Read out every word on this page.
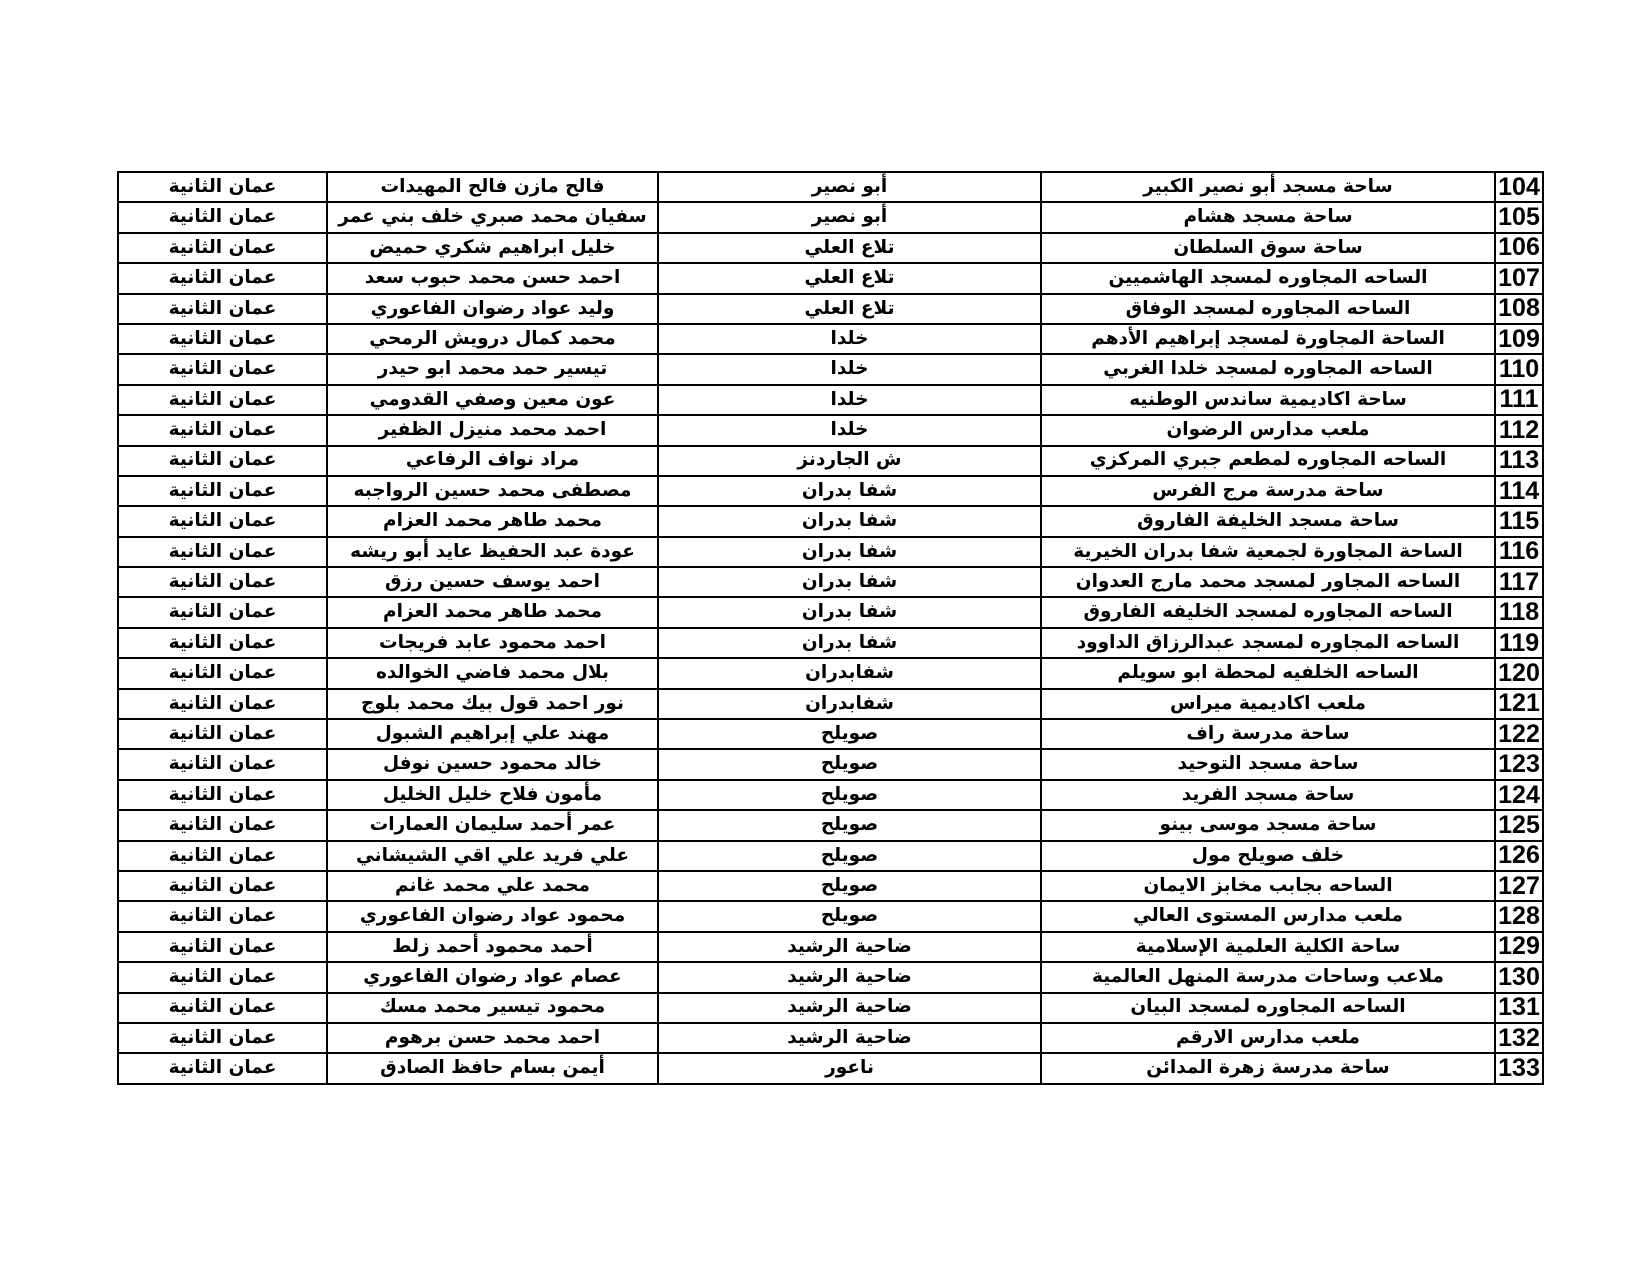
104	ساحة مسجد أبو نصير الكبير	أبو نصير	فالح مازن فالح المهيدات	عمان الثانية
105	ساحة مسجد هشام	أبو نصير	سفيان محمد صبري خلف بني عمر	عمان الثانية
106	ساحة سوق السلطان	تلاع العلي	خليل ابراهيم شكري حميض	عمان الثانية
107	الساحه المجاوره لمسجد الهاشميين	تلاع العلي	احمد حسن محمد حبوب سعد	عمان الثانية
108	الساحه المجاوره لمسجد الوفاق	تلاع العلي	وليد عواد رضوان الفاعوري	عمان الثانية
109	الساحة المجاورة لمسجد إبراهيم الأدهم	خلدا	محمد كمال درويش الرمحي	عمان الثانية
110	الساحه المجاوره لمسجد خلدا الغربي	خلدا	تيسير حمد محمد ابو حيدر	عمان الثانية
111	ساحة اكاديمية ساندس الوطنيه	خلدا	عون معين وصفي القدومي	عمان الثانية
112	ملعب مدارس الرضوان	خلدا	احمد محمد منيزل الظفير	عمان الثانية
113	الساحه المجاوره لمطعم جبري المركزي	ش الجاردنز	مراد نواف الرفاعي	عمان الثانية
114	ساحة مدرسة مرج الفرس	شفا بدران	مصطفى محمد حسين الرواجبه	عمان الثانية
115	ساحة مسجد الخليفة الفاروق	شفا بدران	محمد طاهر محمد العزام	عمان الثانية
116	الساحة المجاورة لجمعية شفا بدران الخيرية	شفا بدران	عودة عبد الحفيظ عايد أبو ريشه	عمان الثانية
117	الساحه المجاور لمسجد محمد مارج العدوان	شفا بدران	احمد يوسف حسين رزق	عمان الثانية
118	الساحه المجاوره لمسجد الخليفه الفاروق	شفا بدران	محمد طاهر محمد العزام	عمان الثانية
119	الساحه المجاوره لمسجد عبدالرزاق الداوود	شفا بدران	احمد محمود عابد فريجات	عمان الثانية
120	الساحه الخلفيه لمحطة ابو سويلم	شفابدران	بلال محمد فاضي الخوالده	عمان الثانية
121	ملعب اكاديمية ميراس	شفابدران	نور احمد قول بيك محمد بلوج	عمان الثانية
122	ساحة مدرسة راف	صويلح	مهند علي إبراهيم الشبول	عمان الثانية
123	ساحة مسجد التوحيد	صويلح	خالد محمود حسين نوفل	عمان الثانية
124	ساحة مسجد الفريد	صويلح	مأمون فلاح خليل الخليل	عمان الثانية
125	ساحة مسجد موسى بينو	صويلح	عمر أحمد سليمان العمارات	عمان الثانية
126	خلف صويلح مول	صويلح	علي فريد علي اقي الشيشاني	عمان الثانية
127	الساحه بجابب مخابز الايمان	صويلح	محمد علي محمد غانم	عمان الثانية
128	ملعب مدارس المستوى العالي	صويلح	محمود عواد رضوان الفاعوري	عمان الثانية
129	ساحة الكلية العلمية الإسلامية	ضاحية الرشيد	أحمد محمود أحمد زلط	عمان الثانية
130	ملاعب وساحات مدرسة المنهل العالمية	ضاحية الرشيد	عصام عواد رضوان الفاعوري	عمان الثانية
131	الساحه المجاوره لمسجد البيان	ضاحية الرشيد	محمود تيسير محمد مسك	عمان الثانية
132	ملعب مدارس الارقم	ضاحية الرشيد	احمد محمد حسن برهوم	عمان الثانية
133	ساحة مدرسة زهرة المدائن	ناعور	أيمن بسام حافظ الصادق	عمان الثانية
